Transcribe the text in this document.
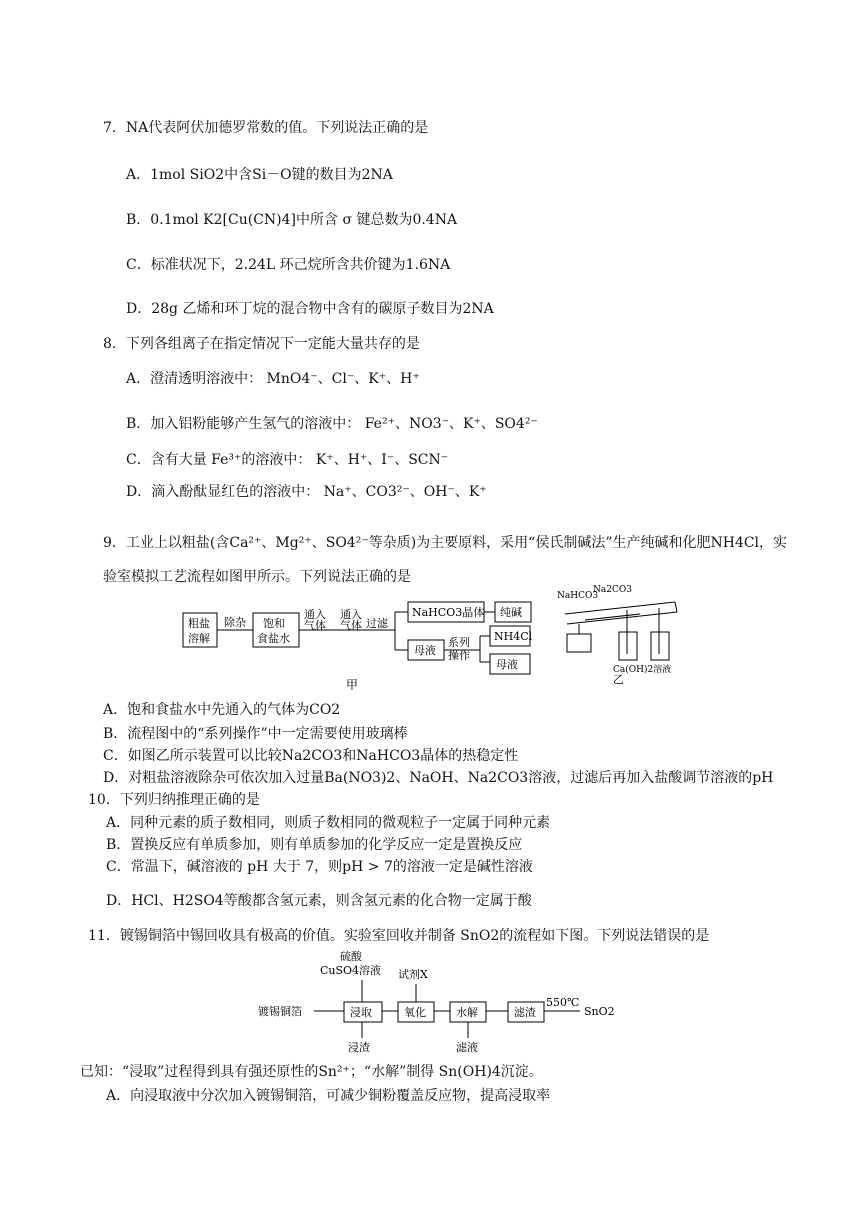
7．NA代表阿伏加德罗常数的值。下列说法正确的是
A．1mol SiO2中含Si－O键的数目为2NA
B．0.1mol K2[Cu(CN)4]中所含 σ 键总数为0.4NA
C．标准状况下，2.24L 环己烷所含共价键为1.6NA
D．28g 乙烯和环丁烷的混合物中含有的碳原子数目为2NA
8．下列各组离子在指定情况下一定能大量共存的是
A．澄清透明溶液中： MnO4⁻、Cl⁻、K⁺、H⁺
B．加入铝粉能够产生氢气的溶液中： Fe²⁺、NO3⁻、K⁺、SO4²⁻
C．含有大量 Fe³⁺的溶液中： K⁺、H⁺、I⁻、SCN⁻
D．滴入酚酞显红色的溶液中： Na⁺、CO3²⁻、OH⁻、K⁺
9．工业上以粗盐(含Ca²⁺、Mg²⁺、SO4²⁻等杂质)为主要原料，采用“侯氏制碱法”生产纯碱和化肥NH4Cl，实验室模拟工艺流程如图甲所示。下列说法正确的是
粗盐
溶解
除杂 饱和
食盐水
通入
气体
通入
气体 过滤
NaHCO3晶体 纯碱
母液
系列
操作
NH4Cl
母液
甲
NaHCO3
Na2CO3
Ca(OH)2溶液
乙
A．饱和食盐水中先通入的气体为CO2
B．流程图中的“系列操作”中一定需要使用玻璃棒
C．如图乙所示装置可以比较Na2CO3和NaHCO3晶体的热稳定性
D．对粗盐溶液除杂可依次加入过量Ba(NO3)2、NaOH、Na2CO3溶液，过滤后再加入盐酸调节溶液的pH
10．下列归纳推理正确的是
A．同种元素的质子数相同，则质子数相同的微观粒子一定属于同种元素
B．置换反应有单质参加，则有单质参加的化学反应一定是置换反应
C．常温下，碱溶液的 pH 大于 7，则pH > 7的溶液一定是碱性溶液
D．HCl、H2SO4等酸都含氢元素，则含氢元素的化合物一定属于酸
11．镀锡铜箔中锡回收具有极高的价值。实验室回收并制备 SnO2的流程如下图。下列说法错误的是
硫酸
CuSO4溶液 试剂X
镀锡铜箔	浸取	氧化	水解	滤渣
550℃
SnO2
浸渣	滤液
已知：“浸取”过程得到具有强还原性的Sn²⁺；“水解”制得 Sn(OH)4沉淀。
A．向浸取液中分次加入镀锡铜箔，可减少铜粉覆盖反应物，提高浸取率
